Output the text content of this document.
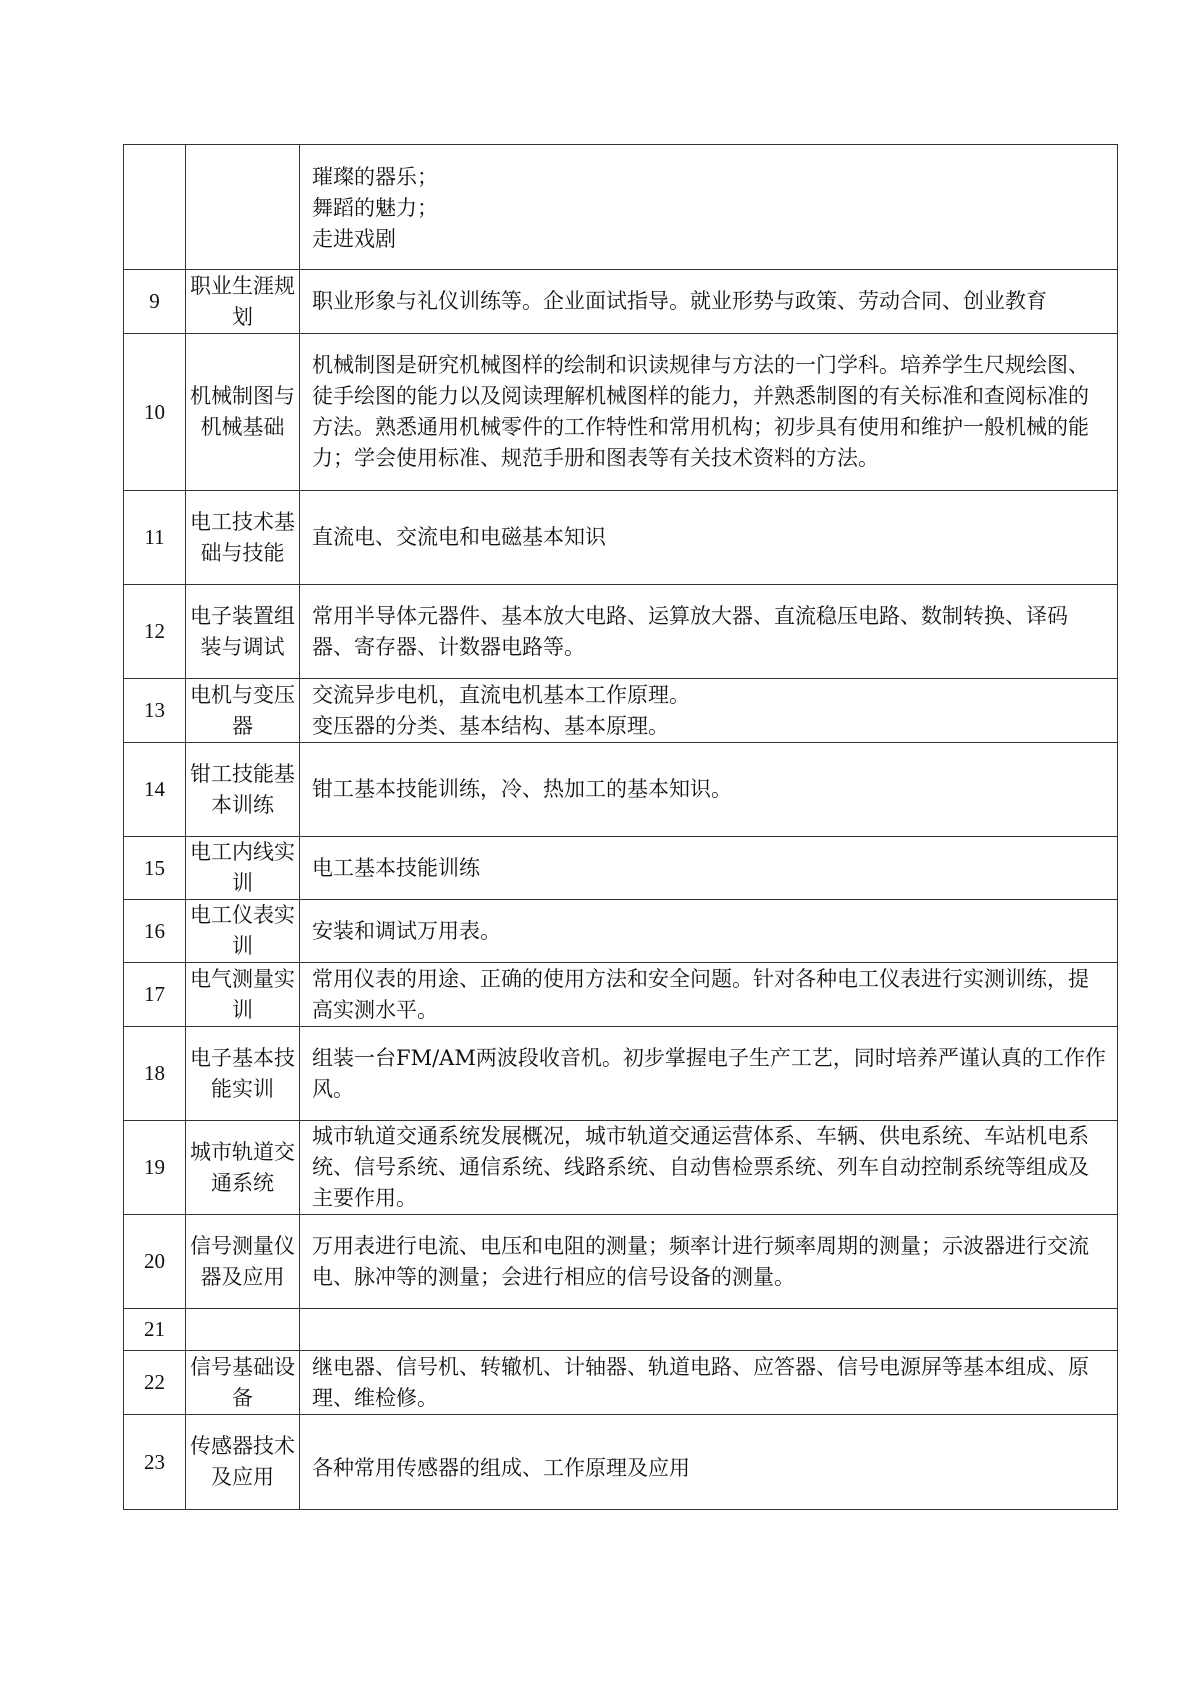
		璀璨的器乐；
舞蹈的魅力；
走进戏剧

9	职业生涯规划	职业形象与礼仪训练等。企业面试指导。就业形势与政策、劳动合同、创业教育
10	机械制图与机械基础	机械制图是研究机械图样的绘制和识读规律与方法的一门学科。培养学生尺规绘图、徒手绘图的能力以及阅读理解机械图样的能力，并熟悉制图的有关标准和查阅标准的方法。熟悉通用机械零件的工作特性和常用机构；初步具有使用和维护一般机械的能力；学会使用标准、规范手册和图表等有关技术资料的方法。
11	电工技术基础与技能	直流电、交流电和电磁基本知识
12	电子装置组装与调试	常用半导体元器件、基本放大电路、运算放大器、直流稳压电路、数制转换、译码器、寄存器、计数器电路等。
13	电机与变压器	交流异步电机，直流电机基本工作原理。
变压器的分类、基本结构、基本原理。

14	钳工技能基本训练	钳工基本技能训练，冷、热加工的基本知识。
15	电工内线实训	电工基本技能训练
16	电工仪表实训	安装和调试万用表。
17	电气测量实训	常用仪表的用途、正确的使用方法和安全问题。针对各种电工仪表进行实测训练，提高实测水平。
18	电子基本技能实训	组装一台FM/AM两波段收音机。初步掌握电子生产工艺，同时培养严谨认真的工作作风。
19	城市轨道交通系统	城市轨道交通系统发展概况，城市轨道交通运营体系、车辆、供电系统、车站机电系统、信号系统、通信系统、线路系统、自动售检票系统、列车自动控制系统等组成及主要作用。
20	信号测量仪器及应用	万用表进行电流、电压和电阻的测量；频率计进行频率周期的测量；示波器进行交流电、脉冲等的测量；会进行相应的信号设备的测量。
21		
22	信号基础设备	继电器、信号机、转辙机、计轴器、轨道电路、应答器、信号电源屏等基本组成、原理、维检修。
23	传感器技术及应用	各种常用传感器的组成、工作原理及应用
